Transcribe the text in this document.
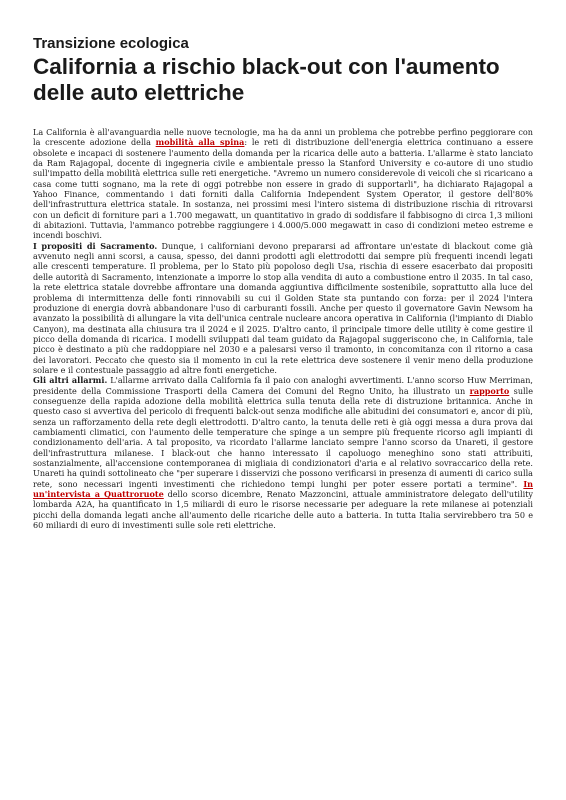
Transizione ecologica
California a rischio black-out con l'aumento delle auto elettriche

La California è all'avanguardia nelle nuove tecnologie, ma ha da anni un problema che potrebbe perfino peggiorare con la crescente adozione della mobilità alla spina: le reti di distribuzione dell'energia elettrica continuano a essere obsolete e incapaci di sostenere l'aumento della domanda per la ricarica delle auto a batteria. L'allarme è stato lanciato da Ram Rajagopal, docente di ingegneria civile e ambientale presso la Stanford University e co-autore di uno studio sull'impatto della mobilità elettrica sulle reti energetiche. "Avremo un numero considerevole di veicoli che si ricaricano a casa come tutti sognano, ma la rete di oggi potrebbe non essere in grado di supportarli", ha dichiarato Rajagopal a Yahoo Finance, commentando i dati forniti dalla California Independent System Operator, il gestore dell'80% dell'infrastruttura elettrica statale. In sostanza, nei prossimi mesi l'intero sistema di distribuzione rischia di ritrovarsi con un deficit di forniture pari a 1.700 megawatt, un quantitativo in grado di soddisfare il fabbisogno di circa 1,3 milioni di abitazioni. Tuttavia, l'ammanco potrebbe raggiungere i 4.000/5.000 megawatt in caso di condizioni meteo estreme e incendi boschivi.

I propositi di Sacramento. Dunque, i californiani devono prepararsi ad affrontare un'estate di blackout come già avvenuto negli anni scorsi, a causa, spesso, dei danni prodotti agli elettrodotti dai sempre più frequenti incendi legati alle crescenti temperature. Il problema, per lo Stato più popoloso degli Usa, rischia di essere esacerbato dai propositi delle autorità di Sacramento, intenzionate a imporre lo stop alla vendita di auto a combustione entro il 2035. In tal caso, la rete elettrica statale dovrebbe affrontare una domanda aggiuntiva difficilmente sostenibile, soprattutto alla luce del problema di intermittenza delle fonti rinnovabili su cui il Golden State sta puntando con forza: per il 2024 l'intera produzione di energia dovrà abbandonare l'uso di carburanti fossili. Anche per questo il governatore Gavin Newsom ha avanzato la possibilità di allungare la vita dell'unica centrale nucleare ancora operativa in California (l'impianto di Diablo Canyon), ma destinata alla chiusura tra il 2024 e il 2025. D'altro canto, il principale timore delle utility è come gestire il picco della domanda di ricarica. I modelli sviluppati dal team guidato da Rajagopal suggeriscono che, in California, tale picco è destinato a più che raddoppiare nel 2030 e a palesarsi verso il tramonto, in concomitanza con il ritorno a casa dei lavoratori. Peccato che questo sia il momento in cui la rete elettrica deve sostenere il venir meno della produzione solare e il contestuale passaggio ad altre fonti energetiche.

Gli altri allarmi. L'allarme arrivato dalla California fa il paio con analoghi avvertimenti. L'anno scorso Huw Merriman, presidente della Commissione Trasporti della Camera dei Comuni del Regno Unito, ha illustrato un rapporto sulle conseguenze della rapida adozione della mobilità elettrica sulla tenuta della rete di distruzione britannica. Anche in questo caso si avvertiva del pericolo di frequenti balck-out senza modifiche alle abitudini dei consumatori e, ancor di più, senza un rafforzamento della rete degli elettrodotti. D'altro canto, la tenuta delle reti è già oggi messa a dura prova dai cambiamenti climatici, con l'aumento delle temperature che spinge a un sempre più frequente ricorso agli impianti di condizionamento dell'aria. A tal proposito, va ricordato l'allarme lanciato sempre l'anno scorso da Unareti, il gestore dell'infrastruttura milanese. I black-out che hanno interessato il capoluogo meneghino sono stati attribuiti, sostanzialmente, all'accensione contemporanea di migliaia di condizionatori d'aria e al relativo sovraccarico della rete. Unareti ha quindi sottolineato che "per superare i disservizi che possono verificarsi in presenza di aumenti di carico sulla rete, sono necessari ingenti investimenti che richiedono tempi lunghi per poter essere portati a termine". In un'intervista a Quattroruote dello scorso dicembre, Renato Mazzoncini, attuale amministratore delegato dell'utility lombarda A2A, ha quantificato in 1,5 miliardi di euro le risorse necessarie per adeguare la rete milanese ai potenziali picchi della domanda legati anche all'aumento delle ricariche delle auto a batteria. In tutta Italia servirebbero tra 50 e 60 miliardi di euro di investimenti sulle sole reti elettriche.
